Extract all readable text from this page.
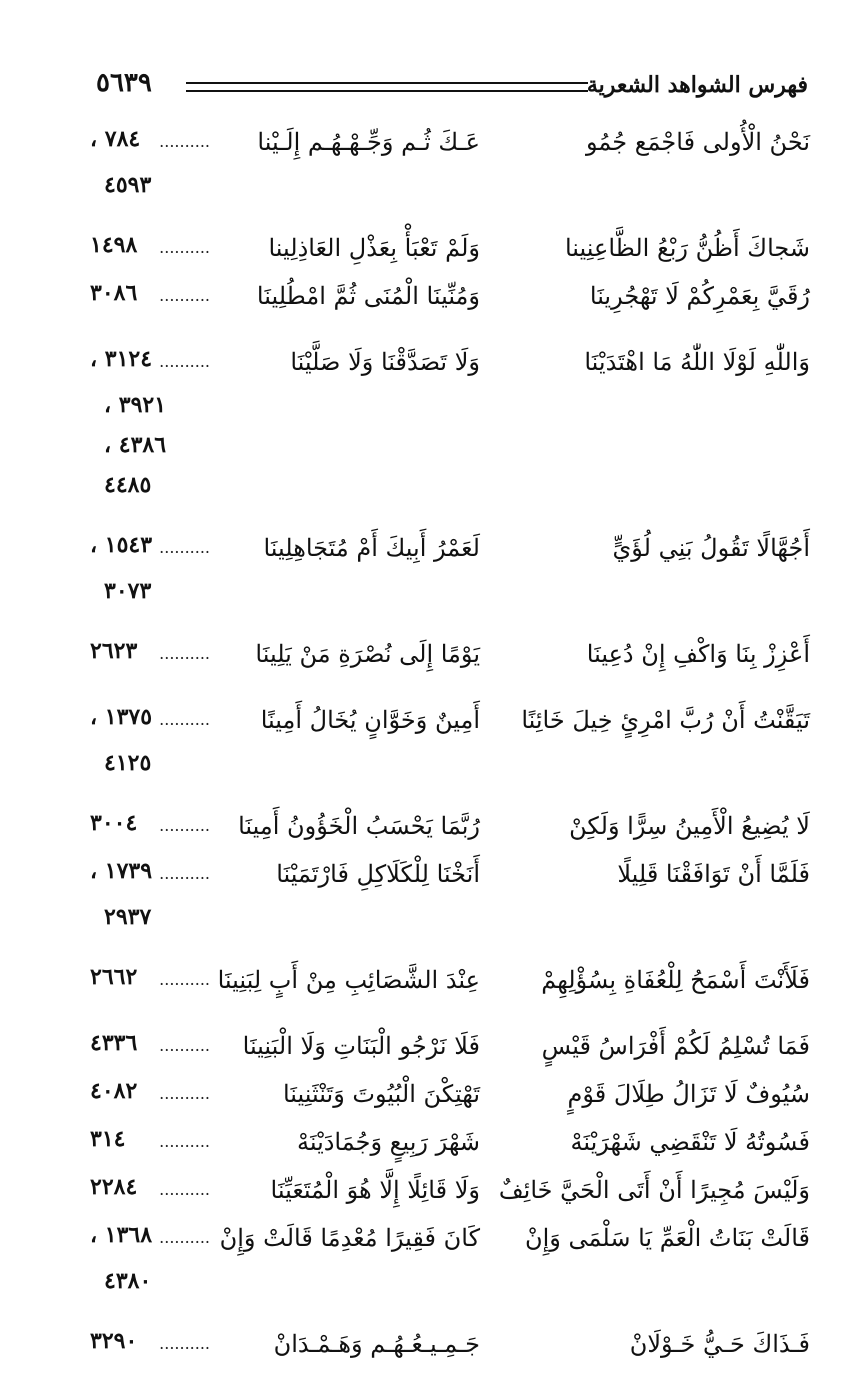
فهرس الشواهد الشعرية
٥٦٣٩
نَحْنُ الْأُولى فَاجْمَع جُمُو
عَـكَ ثُـم وَجِّـهْـهُـم إِلَـيْنا
..........
٧٨٤ ،
٤٥٩٣
شَجاكَ أَظُنُّ رَبْعُ الظَّاعِنِينا
وَلَمْ تَعْبَأْ بِعَذْلِ العَاذِلِينا
..........
١٤٩٨
رُقَيَّ بِعَمْرِكُمْ لَا تَهْجُرِينَا
وَمُنِّينَا الْمُنَى ثُمَّ امْطُلِينَا
..........
٣٠٨٦
وَاللّٰهِ لَوْلَا اللّٰهُ مَا اهْتَدَيْنَا
وَلَا تَصَدَّقْنَا وَلَا صَلَّيْنَا
..........
٣١٢٤ ،
٣٩٢١ ،
٤٣٨٦ ،
٤٤٨٥
أَجُهَّالًا تَقُولُ بَنِي لُؤَيٍّ
لَعَمْرُ أَبِيكَ أَمْ مُتَجَاهِلِينَا
..........
١٥٤٣ ،
٣٠٧٣
أَعْزِزْ بِنَا وَاكْفِ إِنْ دُعِينَا
يَوْمًا إِلَى نُصْرَةِ مَنْ يَلِينَا
..........
٢٦٢٣
تَيَقَّنْتُ أَنْ رُبَّ امْرِئٍ خِيلَ خَائِنًا
أَمِينٌ وَخَوَّانٍ يُخَالُ أَمِينًا
..........
١٣٧٥ ،
٤١٢٥
لَا يُضِيعُ الْأَمِينُ سِرًّا وَلَكِنْ
رُبَّمَا يَحْسَبُ الْخَؤُونُ أَمِينَا
..........
٣٠٠٤
فَلَمَّا أَنْ تَوَافَقْنَا قَلِيلًا
أَنَخْنَا لِلْكَلَاكِلِ فَارْتَمَيْنَا
..........
١٧٣٩ ،
٢٩٣٧
فَلَأَنْتَ أَسْمَحُ لِلْعُفَاةِ بِسُؤْلِهِمْ
عِنْدَ الشَّصَائِبِ مِنْ أَبٍ لِبَنِينَا
..........
٢٦٦٢
فَمَا تُسْلِمُ لَكُمْ أَفْرَاسُ قَيْسٍ
فَلَا نَرْجُو الْبَنَاتِ وَلَا الْبَنِينَا
..........
٤٣٣٦
سُيُوفٌ لَا تَزَالُ طِلَالَ قَوْمٍ
تَهْتِكْنَ الْبُيُوتَ وَتَنْثَنِينَا
..........
٤٠٨٢
فَسُوتُهُ لَا تَنْقَضِي شَهْرَيْنَهْ
شَهْرَ رَبِيعٍ وَجُمَادَيْنَهْ
..........
٣١٤
وَلَيْسَ مُجِيرًا أَنْ أَتَى الْحَيَّ خَائِفٌ
وَلَا قَائِلًا إِلَّا هُوَ الْمُتَعَيِّنَا
..........
٢٢٨٤
قَالَتْ بَنَاتُ الْعَمِّ يَا سَلْمَى وَإِنْ
كَانَ فَقِيرًا مُعْدِمًا قَالَتْ وَإِنْ
..........
١٣٦٨ ،
٤٣٨٠
فَـذَاكَ حَـيُّ خَـوْلَانْ
جَـمِـيـعُـهُـم وَهَـمْـدَانْ
..........
٣٢٩٠
